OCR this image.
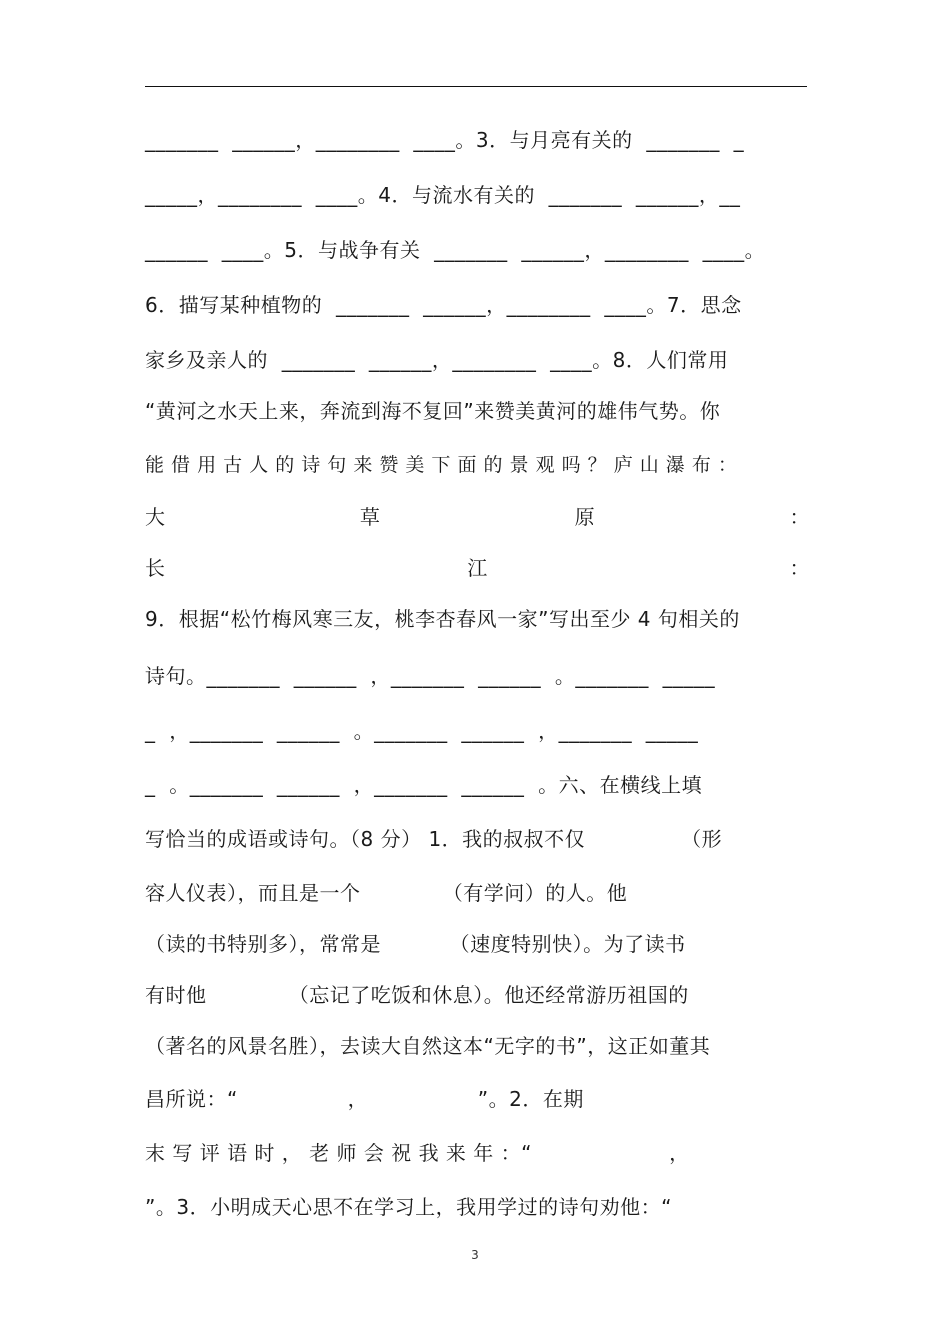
_______  ______，________  ____。3．与月亮有关的  _______  _
_____，________  ____。4．与流水有关的  _______  ______，__
______  ____。5．与战争有关  _______  ______，________  ____。
6．描写某种植物的  _______  ______，________  ____。7．思念
家乡及亲人的  _______  ______，________  ____。8．人们常用
“黄河之水天上来，奔流到海不复回”来赞美黄河的雄伟气势。你
能 借 用 古 人 的 诗 句 来 赞 美 下 面 的 景 观 吗 ？ 庐 山 瀑 布 ：
大	草	原	：
长	江	：
9．根据“松竹梅风寒三友，桃李杏春风一家”写出至少 4 句相关的
诗句。_______  ______  ，_______  ______  。_______  _____
_  ，_______  ______  。_______  ______  ，_______  _____
_  。_______  ______  ，_______  ______  。六、在横线上填
写恰当的成语或诗句。（8 分） 1．我的叔叔不仅              （形
容人仪表），而且是一个            （有学问）的人。他
（读的书特别多），常常是          （速度特别快）。为了读书
有时他            （忘记了吃饭和休息）。他还经常游历祖国的
（著名的风景名胜），去读大自然这本“无字的书”，这正如董其
昌所说：“                ，                ”。2．在期
末 写 评 语 时 ， 老 师 会 祝 我 来 年 ：“                    ，
”。3．小明成天心思不在学习上，我用学过的诗句劝他：“
3
